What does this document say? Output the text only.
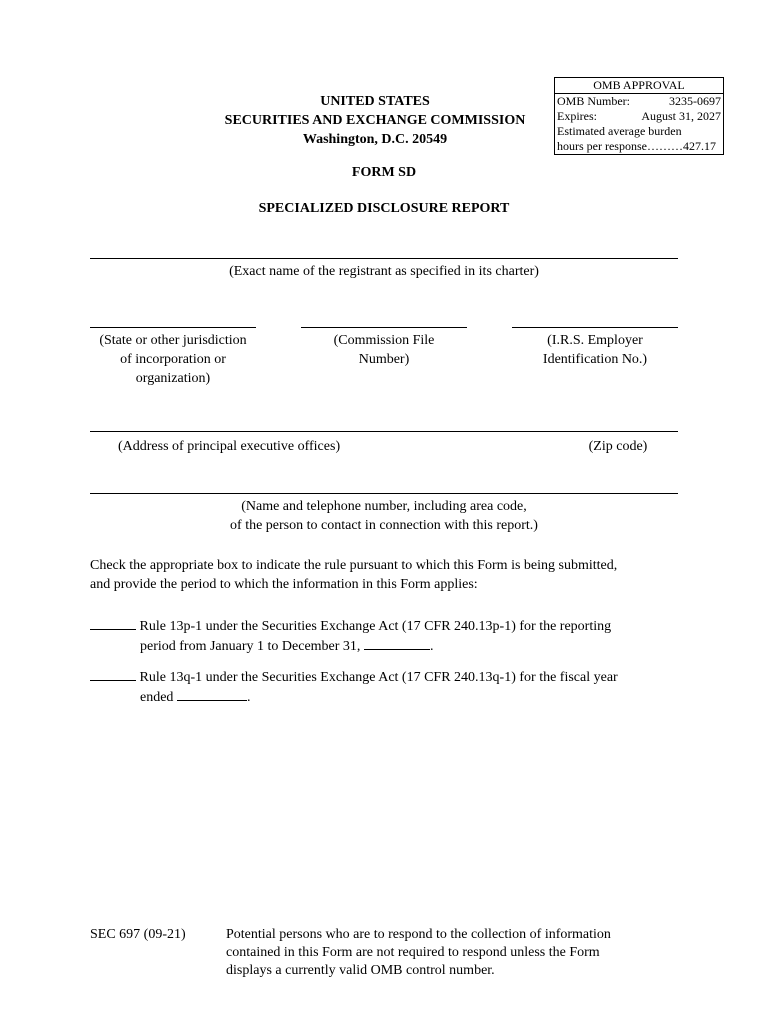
OMB APPROVAL
OMB Number:	3235-0697
Expires:	August 31, 2027
Estimated average burden
hours per response………427.17
UNITED STATES
SECURITIES AND EXCHANGE COMMISSION
Washington, D.C. 20549
FORM SD
SPECIALIZED DISCLOSURE REPORT
(Exact name of the registrant as specified in its charter)
(State or other jurisdiction
of incorporation or
organization)
(Commission File
Number)
(I.R.S. Employer
Identification No.)
(Address of principal executive offices)	(Zip code)
(Name and telephone number, including area code,
of the person to contact in connection with this report.)
Check the appropriate box to indicate the rule pursuant to which this Form is being submitted,
and provide the period to which the information in this Form applies:
Rule 13p-1 under the Securities Exchange Act (17 CFR 240.13p-1) for the reporting
period from January 1 to December 31,	.
Rule 13q-1 under the Securities Exchange Act (17 CFR 240.13q-1) for the fiscal year
ended	.
SEC 697 (09-21)	Potential persons who are to respond to the collection of information
contained in this Form are not required to respond unless the Form
displays a currently valid OMB control number.
